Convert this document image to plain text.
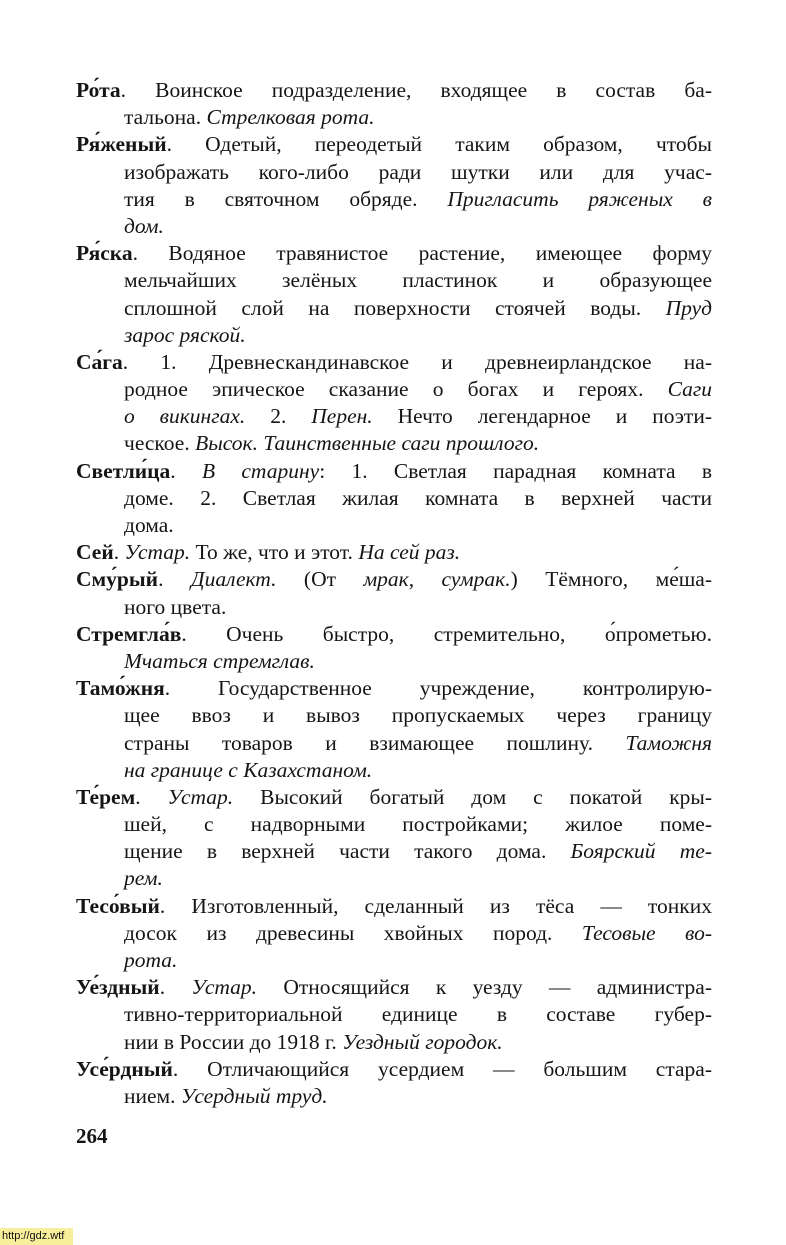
Ро́та. Воинское подразделение, входящее в состав ба-
тальона. Стрелковая рота.
Ря́женый. Одетый, переодетый таким образом, чтобы
изображать кого-либо ради шутки или для учас-
тия в святочном обряде. Пригласить ряженых в
дом.
Ря́ска. Водяное травянистое растение, имеющее форму
мельчайших зелёных пластинок и образующее
сплошной слой на поверхности стоячей воды. Пруд
зарос ряской.
Са́га. 1. Древнескандинавское и древнеирландское на-
родное эпическое сказание о богах и героях. Саги
о викингах. 2. Перен. Нечто легендарное и поэти-
ческое. Высок. Таинственные саги прошлого.
Светли́ца. В старину: 1. Светлая парадная комната в
доме. 2. Светлая жилая комната в верхней части
дома.
Сей. Устар. То же, что и этот. На сей раз.
Сму́рый. Диалект. (От мрак, сумрак.) Тёмного, ме́ша-
ного цвета.
Стремгла́в. Очень быстро, стремительно, о́прометью.
Мчаться стремглав.
Тамо́жня. Государственное учреждение, контролирую-
щее ввоз и вывоз пропускаемых через границу
страны товаров и взимающее пошлину. Таможня
на границе с Казахстаном.
Те́рем. Устар. Высокий богатый дом с покатой кры-
шей, с надворными постройками; жилое поме-
щение в верхней части такого дома. Боярский те-
рем.
Тесо́вый. Изготовленный, сделанный из тёса — тонких
досок из древесины хвойных пород. Тесовые во-
рота.
Уе́здный. Устар. Относящийся к уезду — администра-
тивно-территориальной единице в составе губер-
нии в России до 1918 г. Уездный городок.
Усе́рдный. Отличающийся усердием — большим стара-
нием. Усердный труд.
264
http://gdz.wtf
